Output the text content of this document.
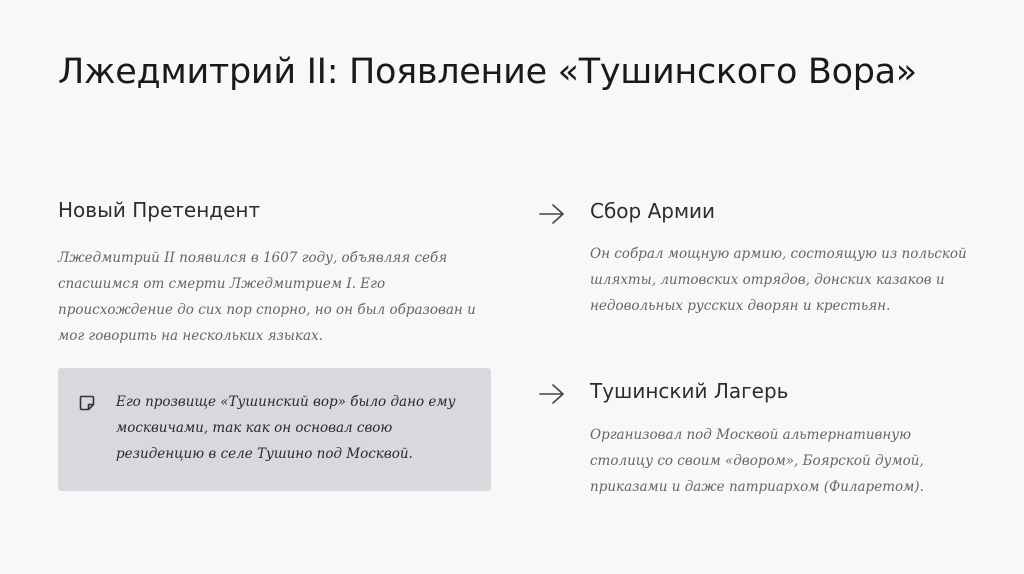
Лжедмитрий II: Появление «Тушинского Вора»
Новый Претендент

Лжедмитрий II появился в 1607 году, объявляя себя спасшимся от смерти Лжедмитрием I. Его происхождение до сих пор спорно, но он был образован и мог говорить на нескольких языках.

Его прозвище «Тушинский вор» было дано ему москвичами, так как он основал свою резиденцию в селе Тушино под Москвой.

Сбор Армии

Он собрал мощную армию, состоящую из польской шляхты, литовских отрядов, донских казаков и недовольных русских дворян и крестьян.

Тушинский Лагерь

Организовал под Москвой альтернативную столицу со своим «двором», Боярской думой, приказами и даже патриархом (Филаретом).
